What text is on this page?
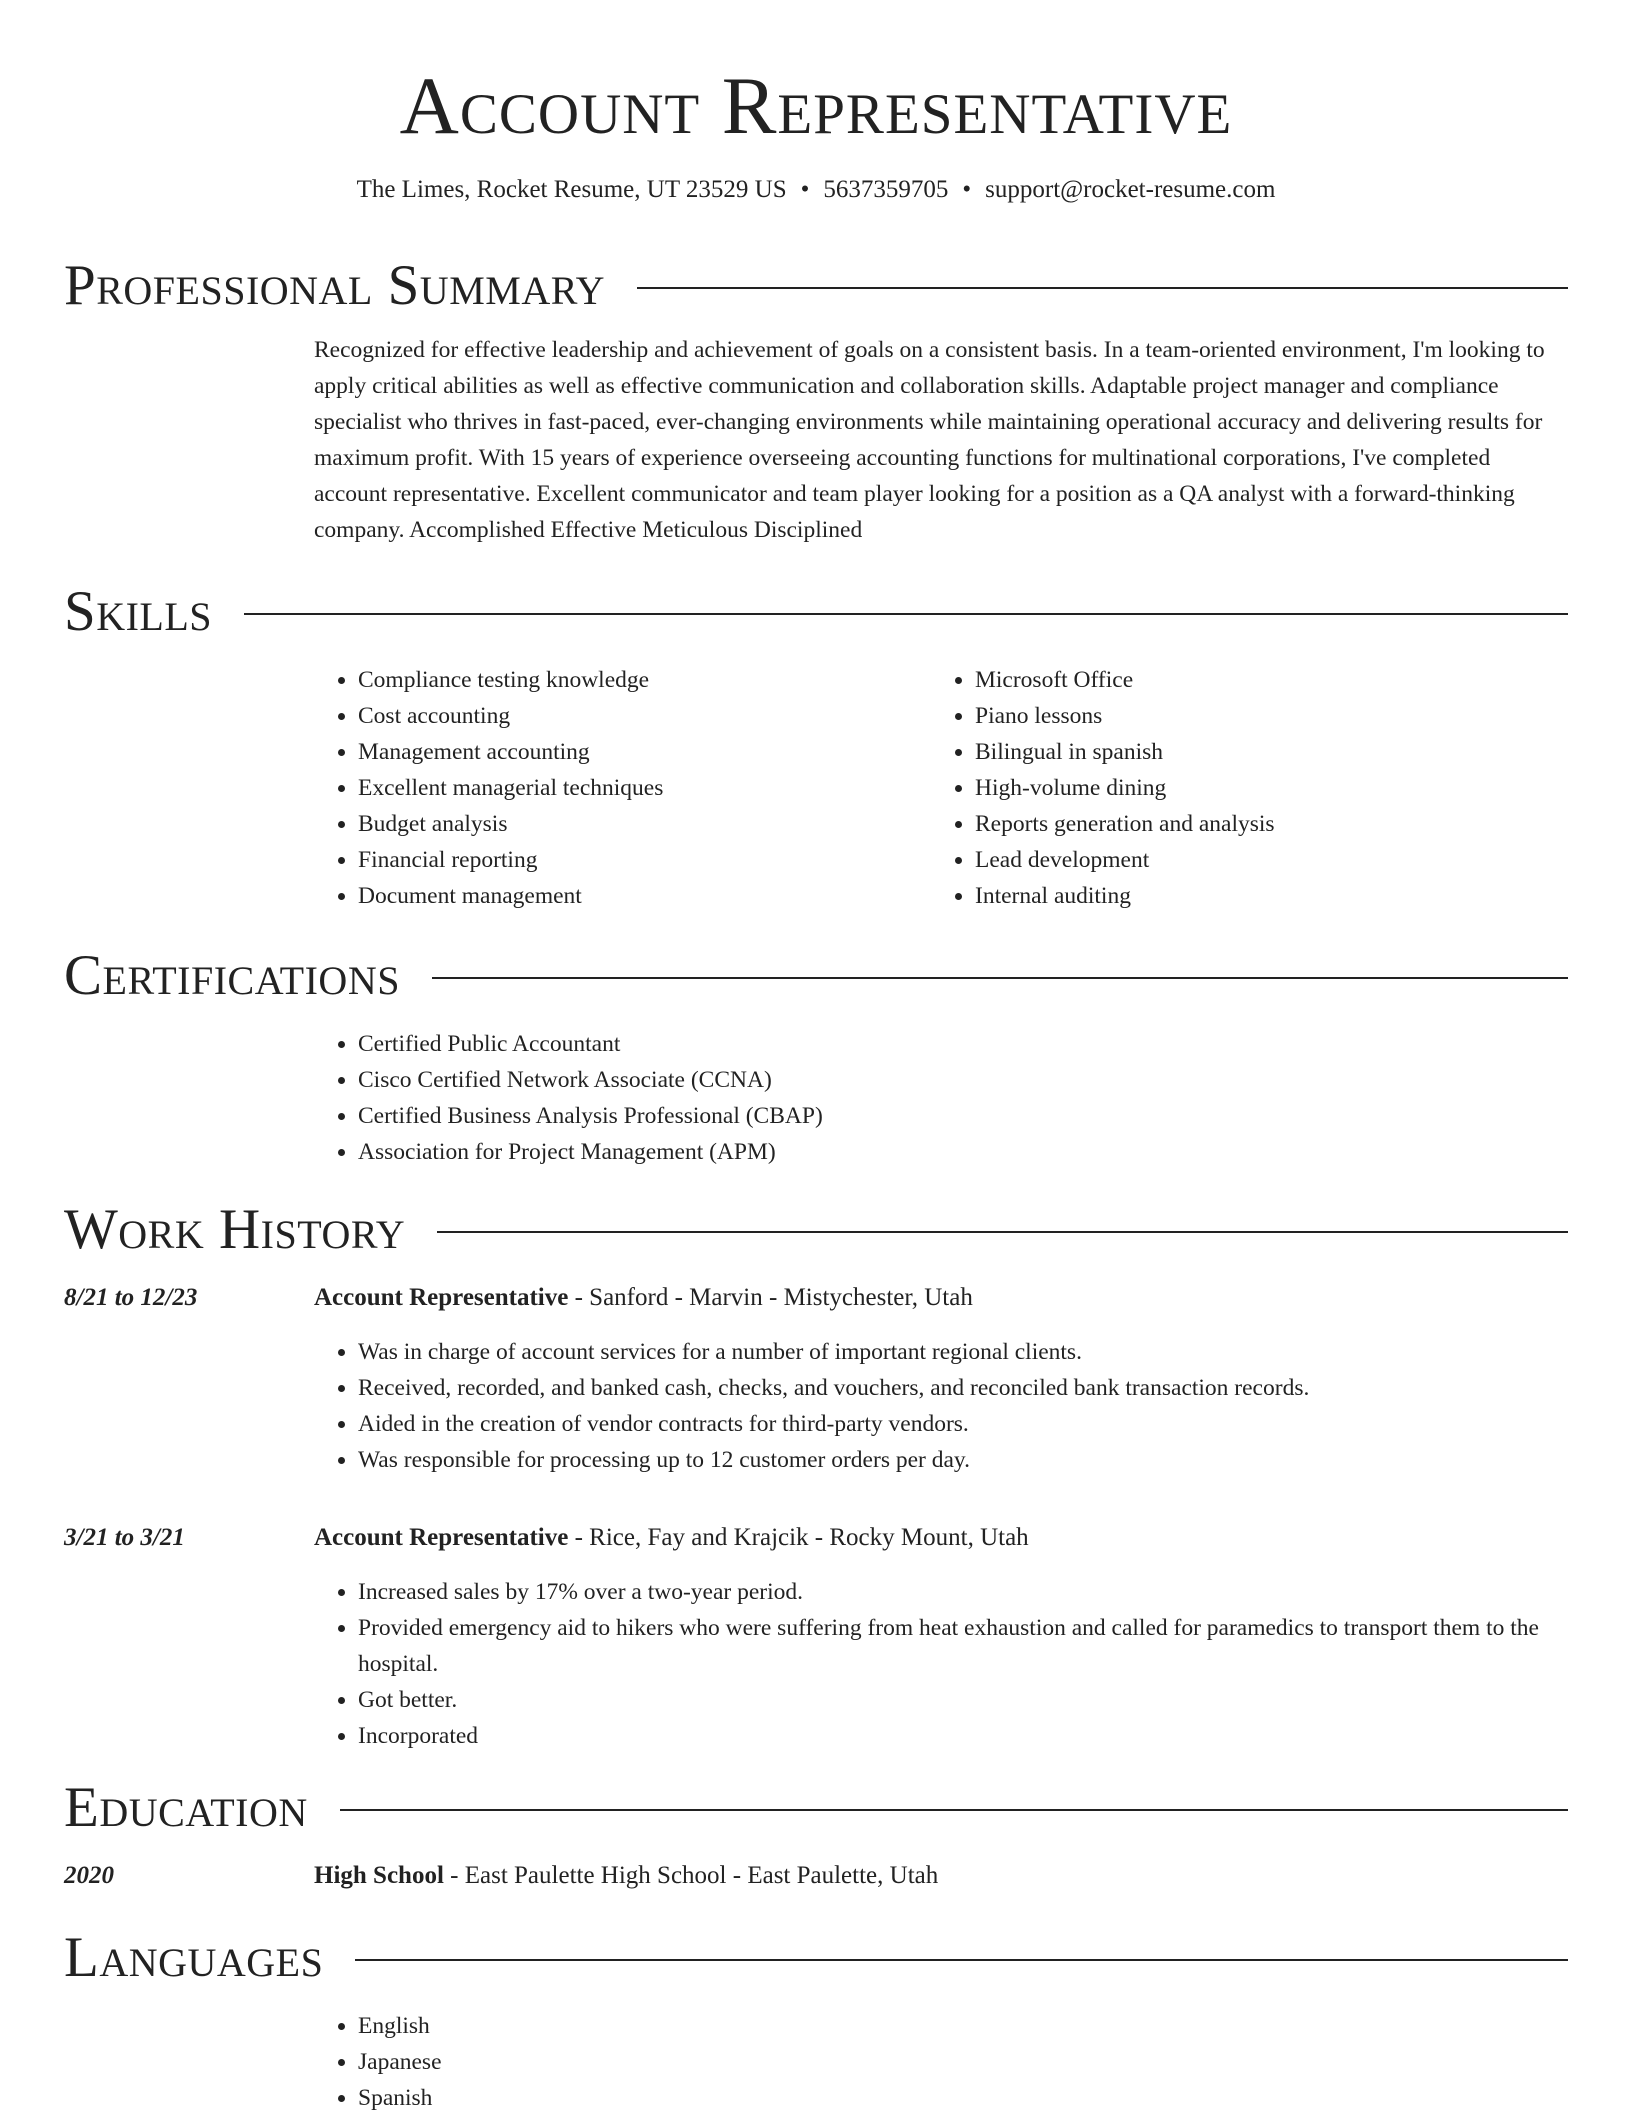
Account Representative
The Limes, Rocket Resume, UT 23529 US • 5637359705 • support@rocket-resume.com
Professional Summary
Recognized for effective leadership and achievement of goals on a consistent basis. In a team-oriented environment, I'm looking to apply critical abilities as well as effective communication and collaboration skills. Adaptable project manager and compliance specialist who thrives in fast-paced, ever-changing environments while maintaining operational accuracy and delivering results for maximum profit. With 15 years of experience overseeing accounting functions for multinational corporations, I've completed account representative. Excellent communicator and team player looking for a position as a QA analyst with a forward-thinking company. Accomplished Effective Meticulous Disciplined
Skills
• Compliance testing knowledge
• Cost accounting
• Management accounting
• Excellent managerial techniques
• Budget analysis
• Financial reporting
• Document management
• Microsoft Office
• Piano lessons
• Bilingual in spanish
• High-volume dining
• Reports generation and analysis
• Lead development
• Internal auditing
Certifications
• Certified Public Accountant
• Cisco Certified Network Associate (CCNA)
• Certified Business Analysis Professional (CBAP)
• Association for Project Management (APM)
Work History
8/21 to 12/23	Account Representative - Sanford - Marvin - Mistychester, Utah
• Was in charge of account services for a number of important regional clients.
• Received, recorded, and banked cash, checks, and vouchers, and reconciled bank transaction records.
• Aided in the creation of vendor contracts for third-party vendors.
• Was responsible for processing up to 12 customer orders per day.
3/21 to 3/21	Account Representative - Rice, Fay and Krajcik - Rocky Mount, Utah
• Increased sales by 17% over a two-year period.
• Provided emergency aid to hikers who were suffering from heat exhaustion and called for paramedics to transport them to the hospital.
• Got better.
• Incorporated
Education
2020	High School - East Paulette High School - East Paulette, Utah
Languages
• English
• Japanese
• Spanish
